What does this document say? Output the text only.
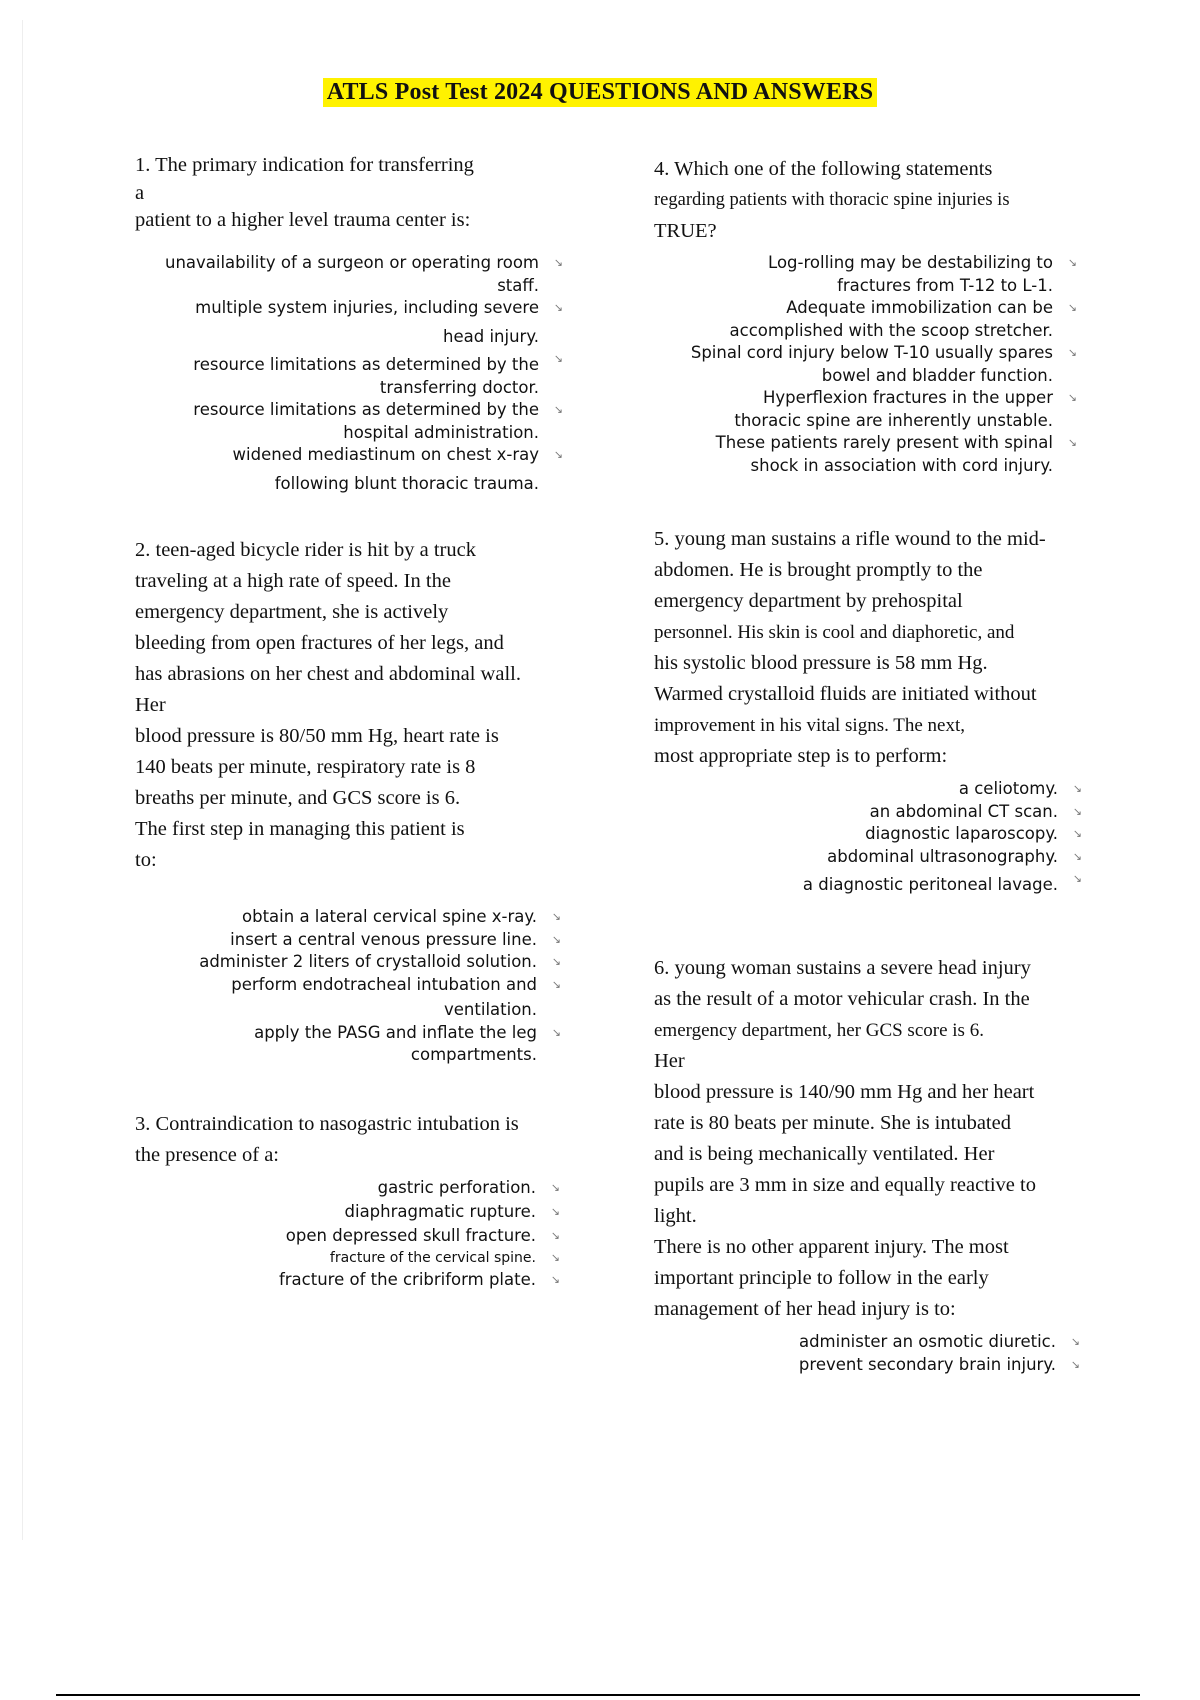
ATLS Post Test 2024 QUESTIONS AND ANSWERS
1. The primary indication for transferring
a
patient to a higher level trauma center is:
unavailability of a surgeon or operating room
staff.
↘
multiple system injuries, including severe
head injury.
↘
resource limitations as determined by the
transferring doctor.
↘
resource limitations as determined by the
hospital administration.
↘
widened mediastinum on chest x-ray
following blunt thoracic trauma.
↘
2. teen-aged bicycle rider is hit by a truck
traveling at a high rate of speed. In the
emergency department, she is actively
bleeding from open fractures of her legs, and
has abrasions on her chest and abdominal wall.
Her
blood pressure is 80/50 mm Hg, heart rate is
140 beats per minute, respiratory rate is 8
breaths per minute, and GCS score is 6.
The first step in managing this patient is
to:
obtain a lateral cervical spine x-ray.
↘
insert a central venous pressure line.
↘
administer 2 liters of crystalloid solution.
↘
perform endotracheal intubation and
ventilation.
↘
apply the PASG and inflate the leg
compartments.
↘
3. Contraindication to nasogastric intubation is
the presence of a:
gastric perforation.
↘
diaphragmatic rupture.
↘
open depressed skull fracture.
↘
fracture of the cervical spine.
↘
fracture of the cribriform plate.
↘
4. Which one of the following statements
regarding patients with thoracic spine injuries is
TRUE?
Log-rolling may be destabilizing to
fractures from T-12 to L-1.
↘
Adequate immobilization can be
accomplished with the scoop stretcher.
↘
Spinal cord injury below T-10 usually spares
bowel and bladder function.
↘
Hyperflexion fractures in the upper
thoracic spine are inherently unstable.
↘
These patients rarely present with spinal
shock in association with cord injury.
↘
5. young man sustains a rifle wound to the mid-
abdomen. He is brought promptly to the
emergency department by prehospital
personnel. His skin is cool and diaphoretic, and
his systolic blood pressure is 58 mm Hg.
Warmed crystalloid fluids are initiated without
improvement in his vital signs. The next,
most appropriate step is to perform:
a celiotomy.
↘
an abdominal CT scan.
↘
diagnostic laparoscopy.
↘
abdominal ultrasonography.
↘
a diagnostic peritoneal lavage.
↘
6. young woman sustains a severe head injury
as the result of a motor vehicular crash. In the
emergency department, her GCS score is 6.
Her
blood pressure is 140/90 mm Hg and her heart
rate is 80 beats per minute. She is intubated
and is being mechanically ventilated. Her
pupils are 3 mm in size and equally reactive to
light.
There is no other apparent injury. The most
important principle to follow in the early
management of her head injury is to:
administer an osmotic diuretic.
↘
prevent secondary brain injury.
↘
